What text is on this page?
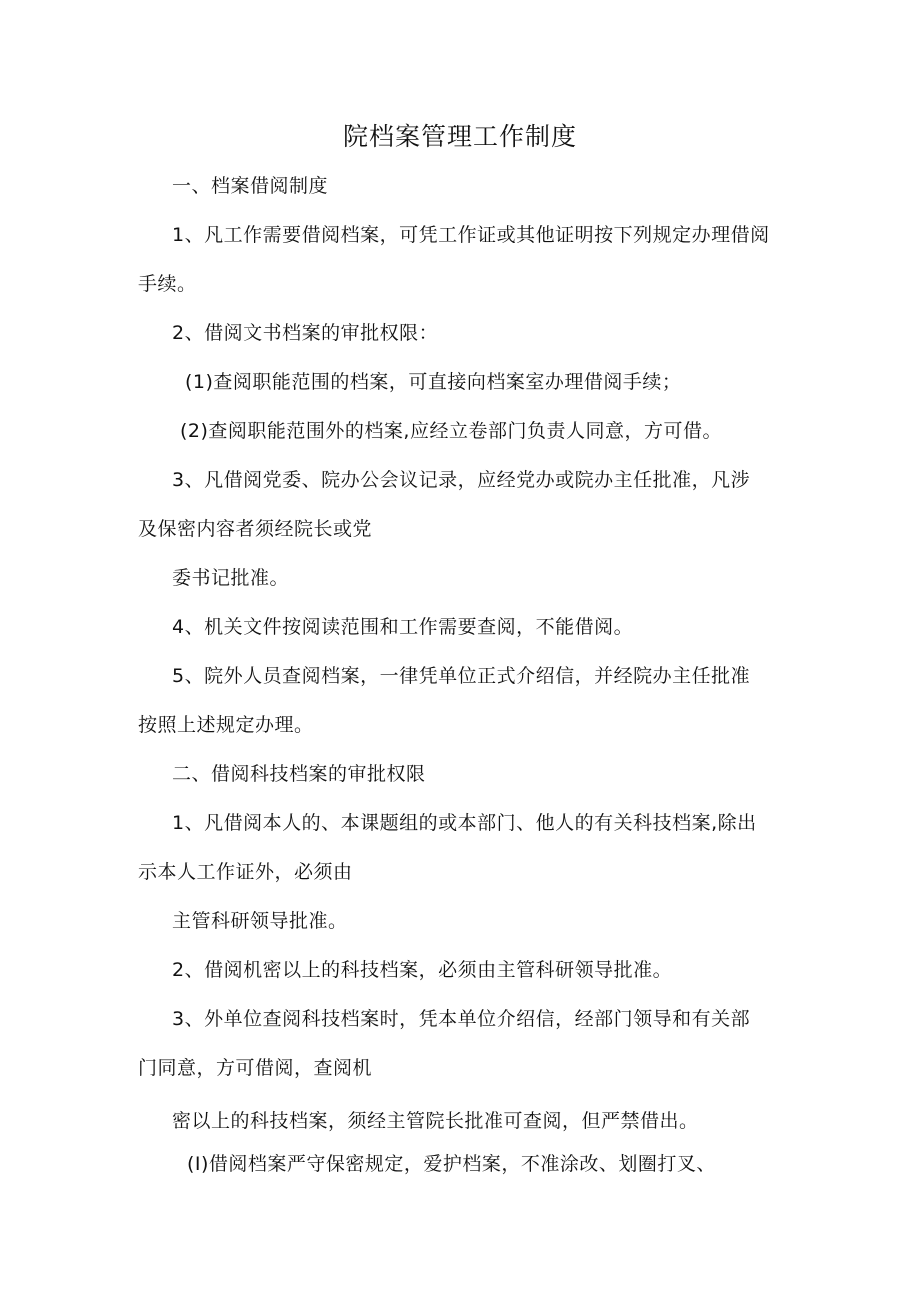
院档案管理工作制度
一、档案借阅制度
1、凡工作需要借阅档案，可凭工作证或其他证明按下列规定办理借阅
手续。
2、借阅文书档案的审批权限：
(1)查阅职能范围的档案，可直接向档案室办理借阅手续；
(2)查阅职能范围外的档案,应经立卷部门负责人同意，方可借。
3、凡借阅党委、院办公会议记录，应经党办或院办主任批准，凡涉
及保密内容者须经院长或党
委书记批准。
4、机关文件按阅读范围和工作需要查阅，不能借阅。
5、院外人员查阅档案，一律凭单位正式介绍信，并经院办主任批准
按照上述规定办理。
二、借阅科技档案的审批权限
1、凡借阅本人的、本课题组的或本部门、他人的有关科技档案,除出
示本人工作证外，必须由
主管科研领导批准。
2、借阅机密以上的科技档案，必须由主管科研领导批准。
3、外单位查阅科技档案时，凭本单位介绍信，经部门领导和有关部
门同意，方可借阅，查阅机
密以上的科技档案，须经主管院长批准可查阅，但严禁借出。
(I)借阅档案严守保密规定，爱护档案，不准涂改、划圈打叉、
